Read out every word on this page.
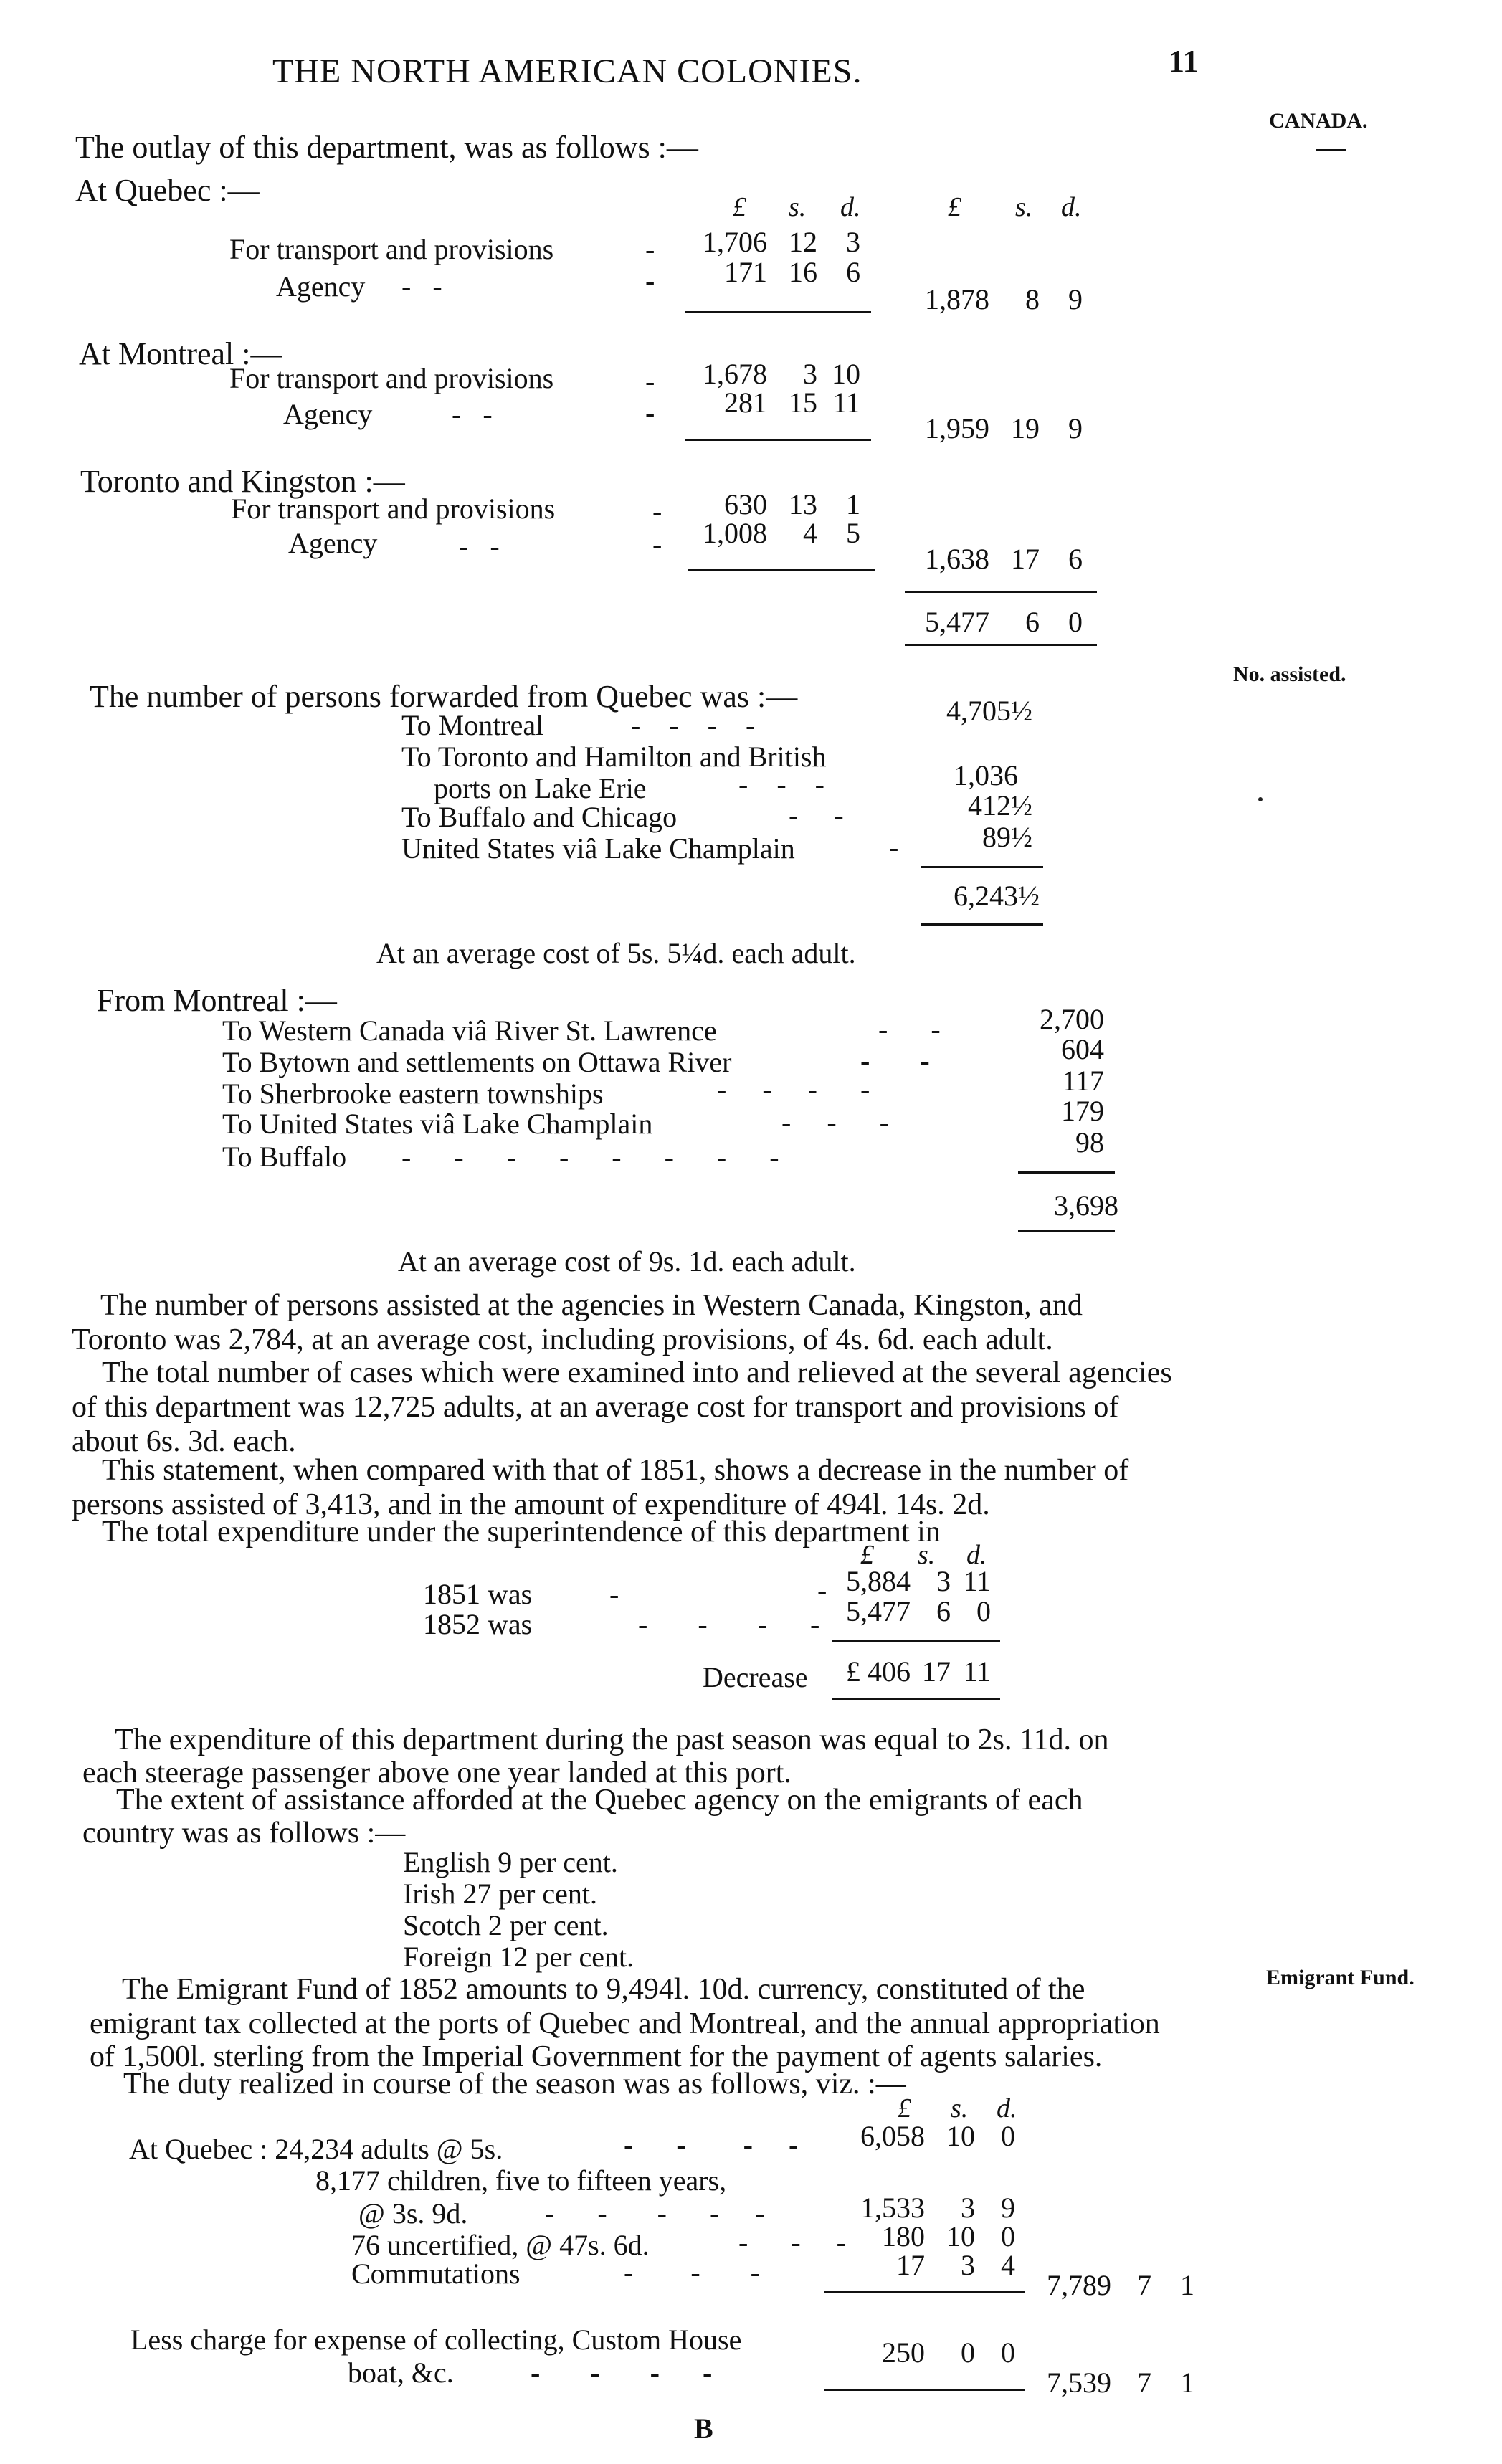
THE NORTH AMERICAN COLONIES.	11
CANADA.
The outlay of this department, was as follows :—
At Quebec :—	£ s. d.	£ s. d.
For transport and provisions	-	1,706 12	3
Agency -   -	-	171 16	6
1,878	8	9
At Montreal :—
For transport and provisions	-	1,678	3 10
Agency	-   -	-	281 15 11
1,959 19	9
Toronto and Kingston :—
For transport and provisions	-	630 13	1
Agency	-   -	-	1,008	4	5
1,638 17	6
5,477	6	0
No. assisted.
The number of persons forwarded from Quebec was :—
To Montreal	-    -    -    -	4,705½
To Toronto and Hamilton and British
ports on Lake Erie	-    -    -	1,036
To Buffalo and Chicago	-     -	412½
United States viâ Lake Champlain	-	89½
6,243½
At an average cost of 5s. 5¼d. each adult.
From Montreal :—
To Western Canada viâ River St. Lawrence	-      -	2,700
To Bytown and settlements on Ottawa River	-       -	604
To Sherbrooke eastern townships	-     -     -      -	117
To United States viâ Lake Champlain	-     -      -	179
To Buffalo -      -      -      -      -      -      -      -	98
3,698
At an average cost of 9s. 1d. each adult.
The number of persons assisted at the agencies in Western Canada, Kingston, and
Toronto was 2,784, at an average cost, including provisions, of 4s. 6d. each adult.
The total number of cases which were examined into and relieved at the several agencies
of this department was 12,725 adults, at an average cost for transport and provisions of
about 6s. 3d. each.
This statement, when compared with that of 1851, shows a decrease in the number of
persons assisted of 3,413, and in the amount of expenditure of 494l. 14s. 2d.
The total expenditure under the superintendence of this department in
£ s. d.
1851 was	-	- 5,884 3 11
1852 was	-       -       -      - 5,477 6 0
Decrease	£ 406 17 11
The expenditure of this department during the past season was equal to 2s. 11d. on
each steerage passenger above one year landed at this port.
The extent of assistance afforded at the Quebec agency on the emigrants of each
country was as follows :—
English 9 per cent.
Irish 27 per cent.
Scotch 2 per cent.
Foreign 12 per cent.
The Emigrant Fund of 1852 amounts to 9,494l. 10d. currency, constituted of the	Emigrant Fund.
emigrant tax collected at the ports of Quebec and Montreal, and the annual appropriation
of 1,500l. sterling from the Imperial Government for the payment of agents salaries.
The duty realized in course of the season was as follows, viz. :—
£ s. d.
At Quebec : 24,234 adults @ 5s.	-      -        -     -	6,058 10 0
8,177 children, five to fifteen years,
@ 3s. 9d.	-      -       -      -     -	1,533	3 9
76 uncertified, @ 47s. 6d.	-      -     -	180 10 0
Commutations	-        -       -	17	3 4
7,789 7	1
Less charge for expense of collecting, Custom House
boat, &c.	-       -       -      -
250	0 0
7,539 7	1
B
